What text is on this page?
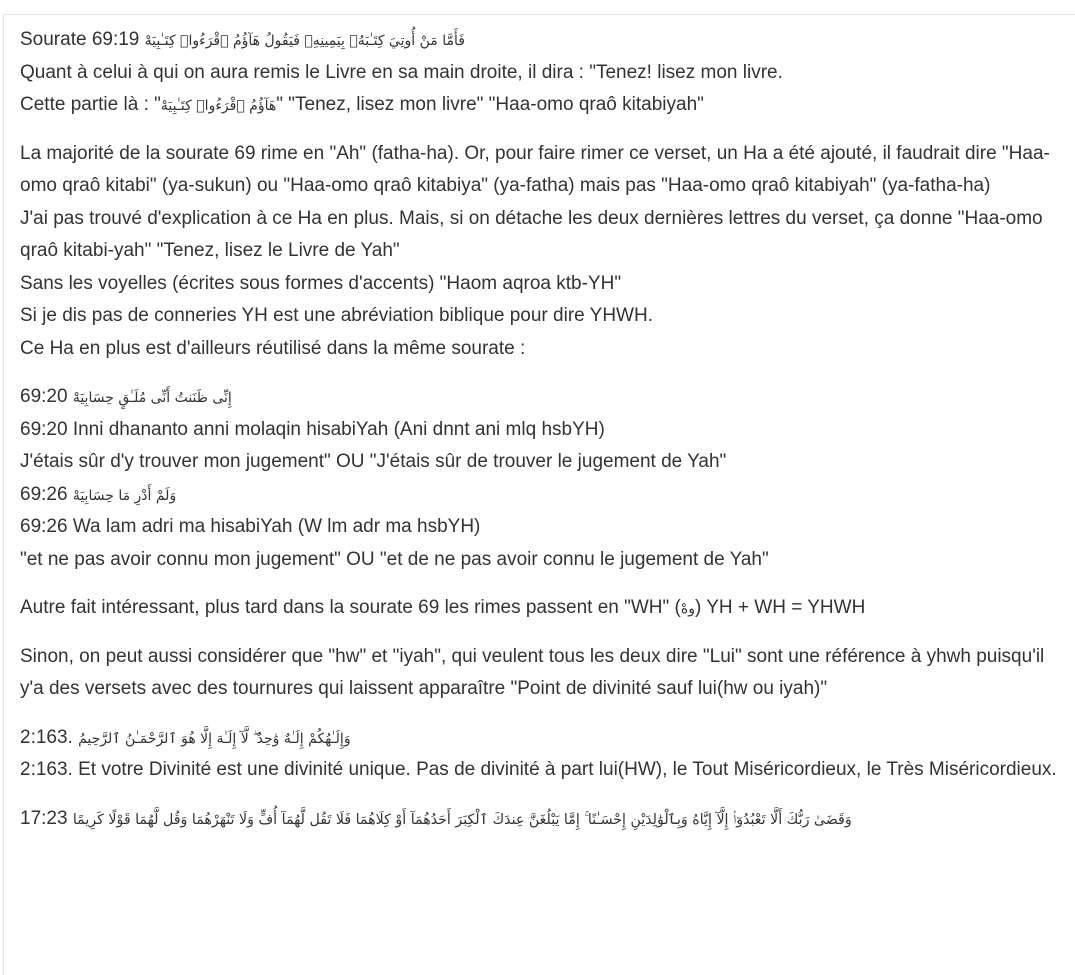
Sourate 69:19 فَأَمَّا مَنْ أُوتِيَ كِتَـٰبَهُۥ بِيَمِينِهِۦ فَيَقُولُ هَآؤُمُ ٱقْرَءُوا۟ كِتَـٰبِيَهْ
Quant à celui à qui on aura remis le Livre en sa main droite, il dira : "Tenez! lisez mon livre.
Cette partie là : "هَآؤُمُ ٱقْرَءُوا۟ كِتَـٰبِيَهْ" "Tenez, lisez mon livre" "Haa-omo qraô kitabiyah"
La majorité de la sourate 69 rime en "Ah" (fatha-ha). Or, pour faire rimer ce verset, un Ha a été ajouté, il faudrait dire "Haa-omo qraô kitabi" (ya-sukun) ou "Haa-omo qraô kitabiya" (ya-fatha) mais pas "Haa-omo qraô kitabiyah" (ya-fatha-ha)
J'ai pas trouvé d'explication à ce Ha en plus. Mais, si on détache les deux dernières lettres du verset, ça donne "Haa-omo qraô kitabi-yah" "Tenez, lisez le Livre de Yah"
Sans les voyelles (écrites sous formes d'accents) "Haom aqroa ktb-YH"
Si je dis pas de conneries YH est une abréviation biblique pour dire YHWH.
Ce Ha en plus est d'ailleurs réutilisé dans la même sourate :
69:20 إِنِّى ظَنَنتُ أَنِّى مُلَـٰقٍ حِسَابِيَهْ
69:20 Inni dhananto anni molaqin hisabiYah (Ani dnnt ani mlq hsbYH)
J'étais sûr d'y trouver mon jugement" OU "J'étais sûr de trouver le jugement de Yah"
69:26 وَلَمْ أَدْرِ مَا حِسَابِيَهْ
69:26 Wa lam adri ma hisabiYah (W lm adr ma hsbYH)
"et ne pas avoir connu mon jugement" OU "et de ne pas avoir connu le jugement de Yah"
Autre fait intéressant, plus tard dans la sourate 69 les rimes passent en "WH" (وهْ) YH + WH = YHWH
Sinon, on peut aussi considérer que "hw" et "iyah", qui veulent tous les deux dire "Lui" sont une référence à yhwh puisqu'il y'a des versets avec des tournures qui laissent apparaître "Point de divinité sauf lui(hw ou iyah)"
2:163. وَإِلَـٰهُكُمْ إِلَـٰهٌ وَٰحِدٌ ۖ لَّآ إِلَـٰهَ إِلَّا هُوَ ٱلرَّحْمَـٰنُ ٱلرَّحِيمُ
2:163. Et votre Divinité est une divinité unique. Pas de divinité à part lui(HW), le Tout Miséricordieux, le Très Miséricordieux.
17:23 وَقَضَىٰ رَبُّكَ أَلَّا تَعْبُدُوٓا۟ إِلَّآ إِيَّاهُ وَبِٱلْوَٰلِدَيْنِ إِحْسَـٰنًا ۚ إِمَّا يَبْلُغَنَّ عِندَكَ ٱلْكِبَرَ أَحَدُهُمَآ أَوْ كِلَاهُمَا فَلَا تَقُل لَّهُمَآ أُفٍّ وَلَا تَنْهَرْهُمَا وَقُل لَّهُمَا قَوْلًا كَرِيمًا
